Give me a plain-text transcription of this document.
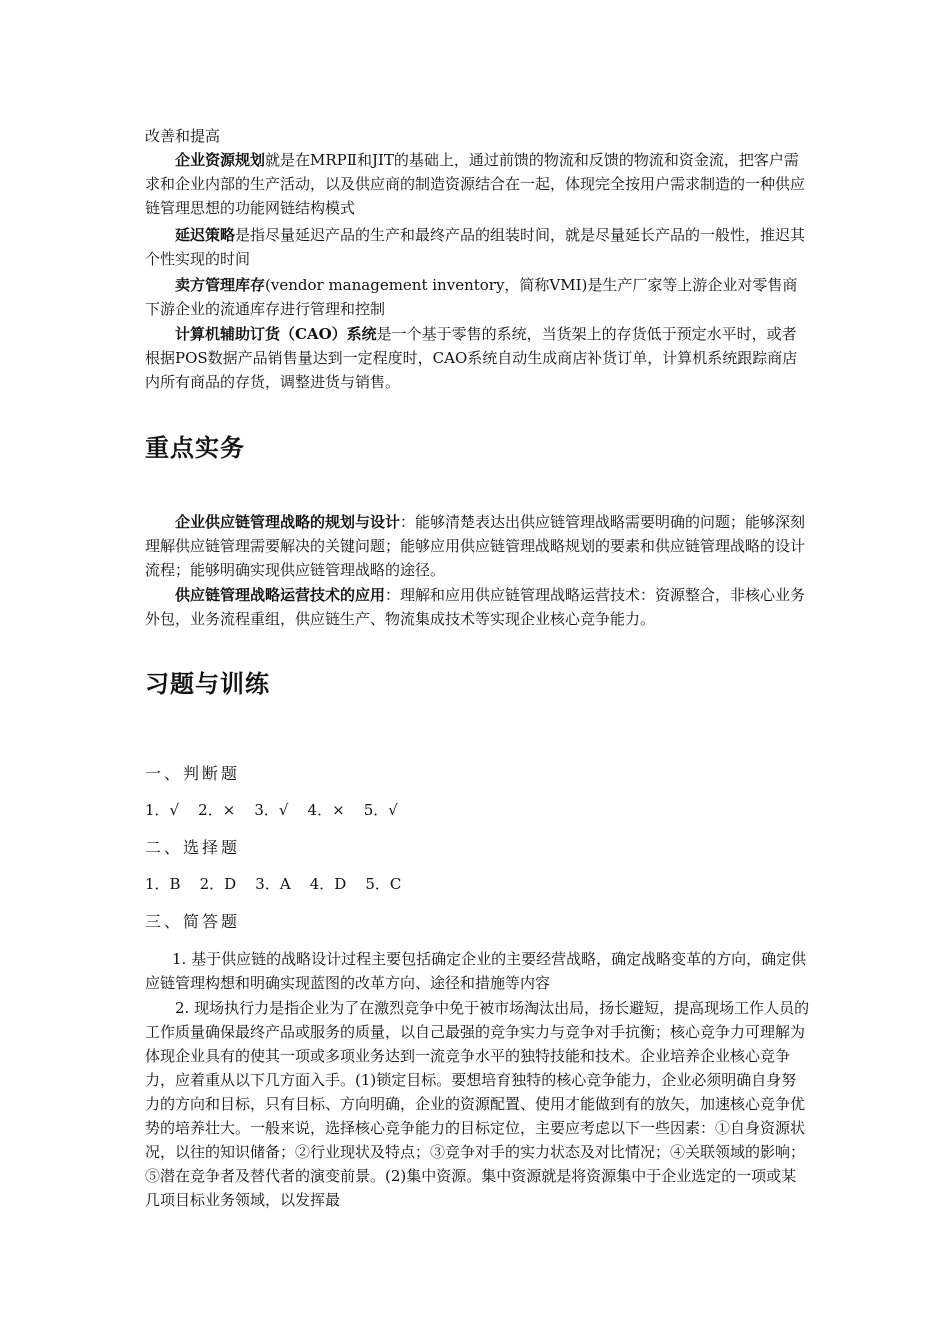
改善和提高

企业资源规划就是在MRPⅡ和JIT的基础上，通过前馈的物流和反馈的物流和资金流，把客户需求和企业内部的生产活动，以及供应商的制造资源结合在一起，体现完全按用户需求制造的一种供应链管理思想的功能网链结构模式

延迟策略是指尽量延迟产品的生产和最终产品的组装时间，就是尽量延长产品的一般性，推迟其个性实现的时间

卖方管理库存(vendor management inventory，简称VMI)是生产厂家等上游企业对零售商下游企业的流通库存进行管理和控制

计算机辅助订货（CAO）系统是一个基于零售的系统，当货架上的存货低于预定水平时，或者根据POS数据产品销售量达到一定程度时，CAO系统自动生成商店补货订单，计算机系统跟踪商店内所有商品的存货，调整进货与销售。

重点实务

企业供应链管理战略的规划与设计：能够清楚表达出供应链管理战略需要明确的问题；能够深刻理解供应链管理需要解决的关键问题；能够应用供应链管理战略规划的要素和供应链管理战略的设计流程；能够明确实现供应链管理战略的途径。

供应链管理战略运营技术的应用：理解和应用供应链管理战略运营技术：资源整合，非核心业务外包，业务流程重组，供应链生产、物流集成技术等实现企业核心竞争能力。

习题与训练

一、判断题

1．√    2．×    3．√    4．×    5．√

二、选择题

1．B    2．D    3．A    4．D    5．C

三、简答题

1. 基于供应链的战略设计过程主要包括确定企业的主要经营战略，确定战略变革的方向，确定供应链管理构想和明确实现蓝图的改革方向、途径和措施等内容

2. 现场执行力是指企业为了在激烈竞争中免于被市场淘汰出局，扬长避短，提高现场工作人员的工作质量确保最终产品或服务的质量，以自己最强的竞争实力与竞争对手抗衡；核心竞争力可理解为体现企业具有的使其一项或多项业务达到一流竞争水平的独特技能和技术。企业培养企业核心竞争力，应着重从以下几方面入手。(1)锁定目标。要想培育独特的核心竞争能力，企业必须明确自身努力的方向和目标，只有目标、方向明确，企业的资源配置、使用才能做到有的放矢，加速核心竞争优势的培养壮大。一般来说，选择核心竞争能力的目标定位，主要应考虑以下一些因素：①自身资源状况，以往的知识储备；②行业现状及特点；③竞争对手的实力状态及对比情况；④关联领域的影响；⑤潜在竞争者及替代者的演变前景。(2)集中资源。集中资源就是将资源集中于企业选定的一项或某几项目标业务领域，以发挥最
